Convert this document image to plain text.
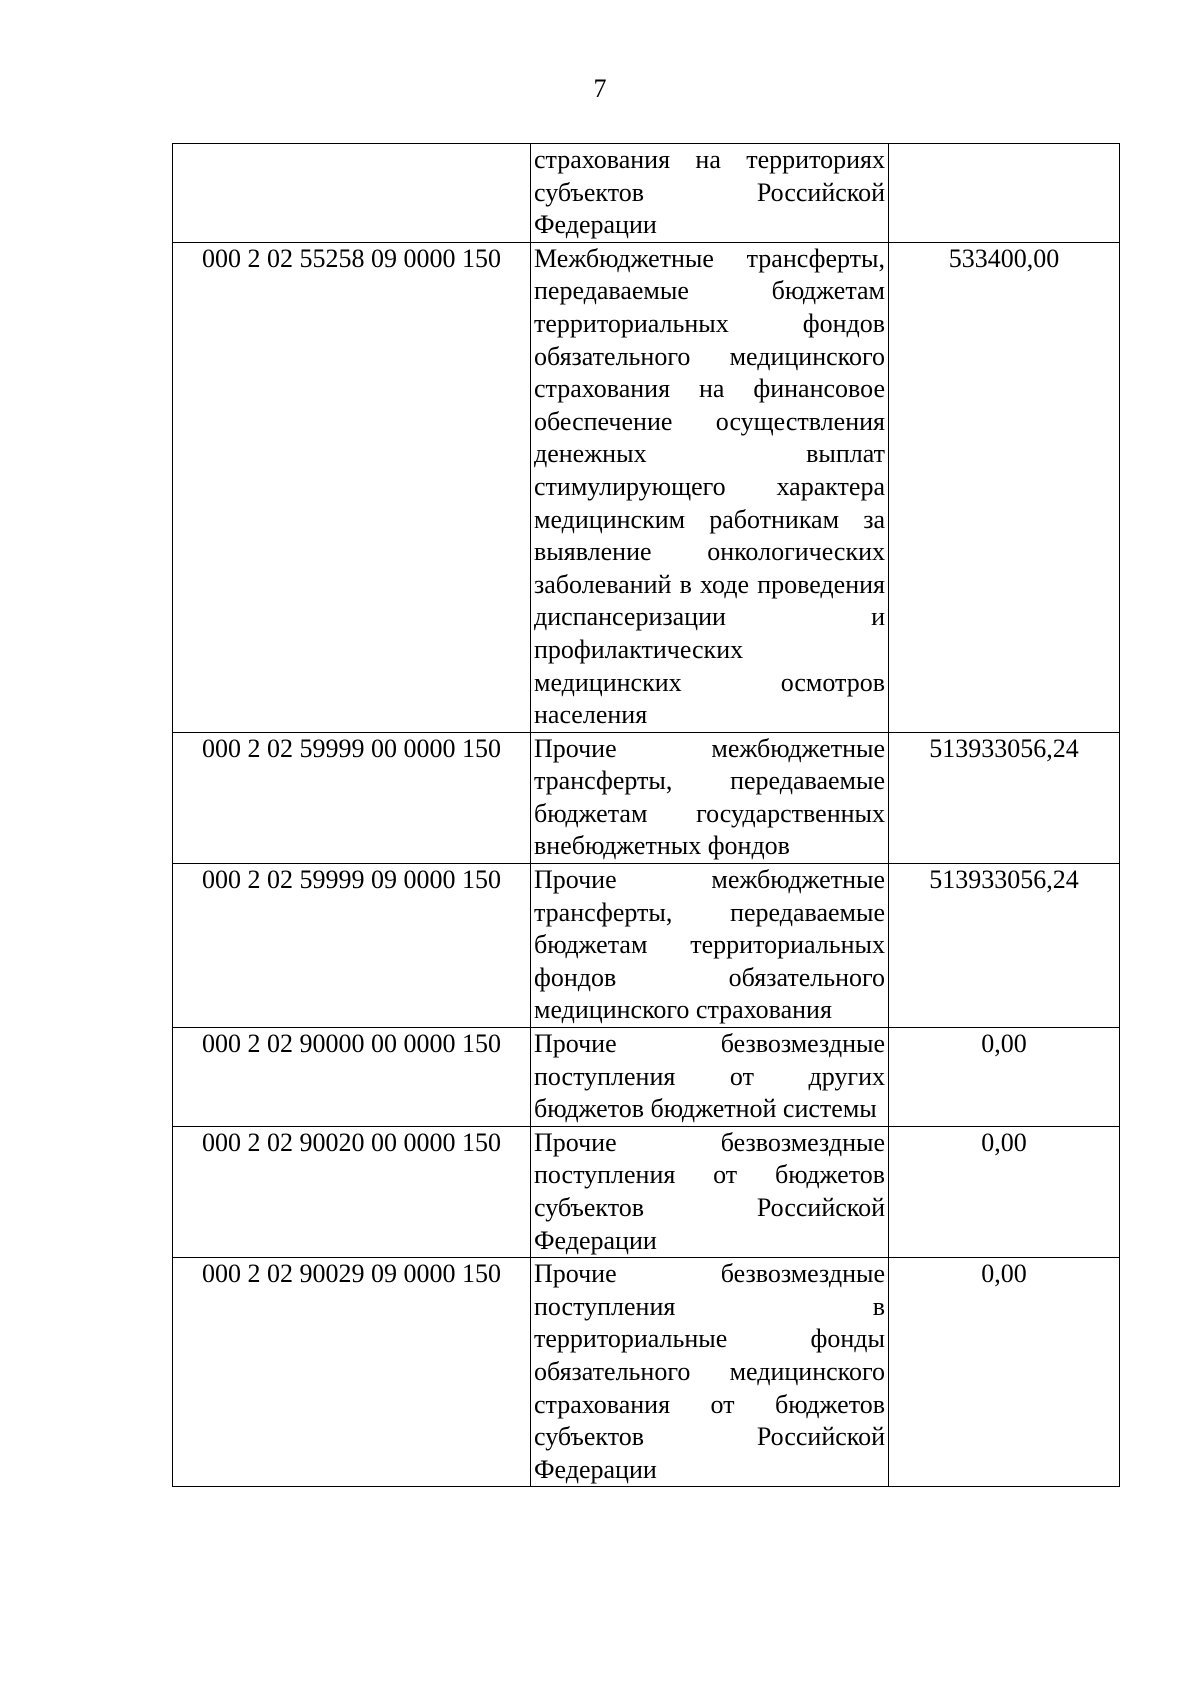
7
	страхования на территориях субъектов Российской Федерации	
000 2 02 55258 09 0000 150	Межбюджетные трансферты, передаваемые бюджетам территориальных фондов обязательного медицинского страхования на финансовое обеспечение осуществления денежных выплат стимулирующего характера медицинским работникам за выявление онкологических заболеваний в ходе проведения диспансеризации и профилактических медицинских осмотров населения	533400,00
000 2 02 59999 00 0000 150	Прочие межбюджетные трансферты, передаваемые бюджетам государственных внебюджетных фондов	513933056,24
000 2 02 59999 09 0000 150	Прочие межбюджетные трансферты, передаваемые бюджетам территориальных фондов обязательного медицинского страхования	513933056,24
000 2 02 90000 00 0000 150	Прочие безвозмездные поступления от других бюджетов бюджетной системы	0,00
000 2 02 90020 00 0000 150	Прочие безвозмездные поступления от бюджетов субъектов Российской Федерации	0,00
000 2 02 90029 09 0000 150	Прочие безвозмездные поступления в территориальные фонды обязательного медицинского страхования от бюджетов субъектов Российской Федерации	0,00
